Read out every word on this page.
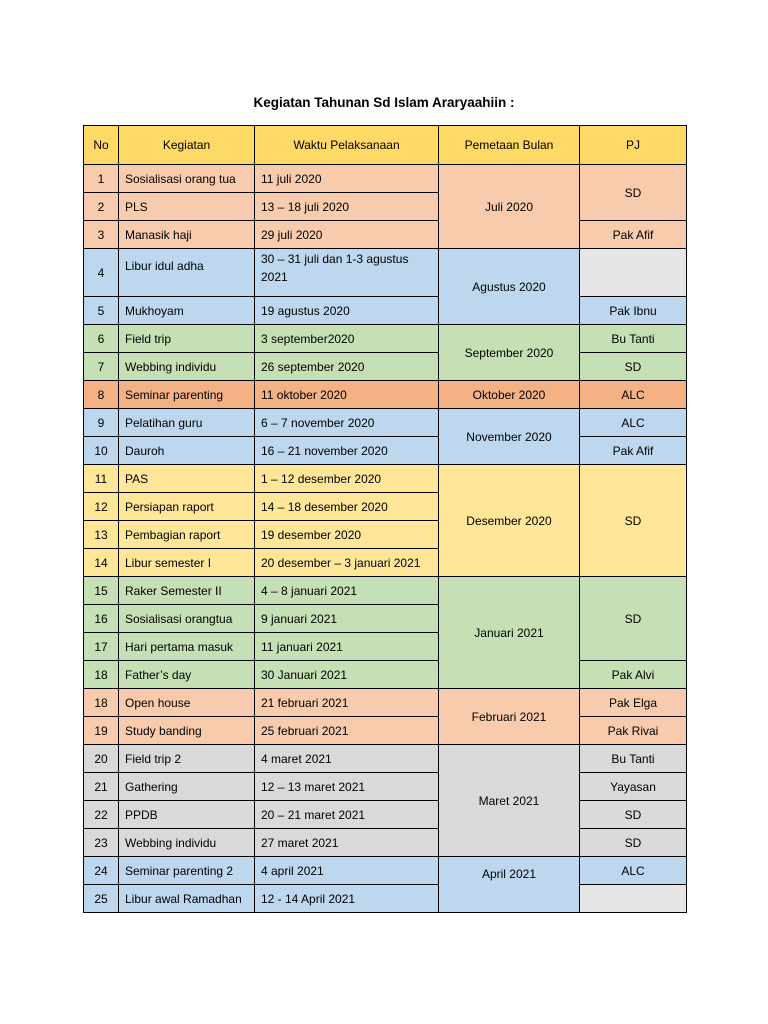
Kegiatan Tahunan Sd Islam Araryaahiin :
No	Kegiatan	Waktu Pelaksanaan	Pemetaan Bulan	PJ
1	Sosialisasi orang tua	11 juli 2020	Juli 2020	SD
2	PLS	13 – 18 juli 2020		
3	Manasik haji	29 juli 2020		Pak Afif
4	Libur idul adha	30 – 31 juli dan 1-3 agustus 2021	Agustus 2020	
5	Mukhoyam	19 agustus 2020		Pak Ibnu
6	Field trip	3 september2020	September 2020	Bu Tanti
7	Webbing individu	26 september 2020		SD
8	Seminar parenting	11 oktober 2020	Oktober 2020	ALC
9	Pelatihan guru	6 – 7 november 2020	November 2020	ALC
10	Dauroh	16 – 21 november 2020		Pak Afif
11	PAS	1 – 12 desember 2020	Desember 2020	SD
12	Persiapan raport	14 – 18 desember 2020		
13	Pembagian raport	19 desember 2020		
14	Libur semester I	20 desember – 3 januari 2021		
15	Raker Semester II	4 – 8 januari 2021	Januari 2021	SD
16	Sosialisasi orangtua	9 januari 2021		
17	Hari pertama masuk	11 januari 2021		
18	Father’s day	30 Januari 2021		Pak Alvi
18	Open house	21 februari 2021	Februari 2021	Pak Elga
19	Study banding	25 februari 2021		Pak Rivai
20	Field trip 2	4 maret 2021	Maret 2021	Bu Tanti
21	Gathering	12 – 13 maret 2021		Yayasan
22	PPDB	20 – 21 maret 2021		SD
23	Webbing individu	27 maret 2021		SD
24	Seminar parenting 2	4 april 2021	April 2021	ALC
25	Libur awal Ramadhan	12 - 14 April 2021		
